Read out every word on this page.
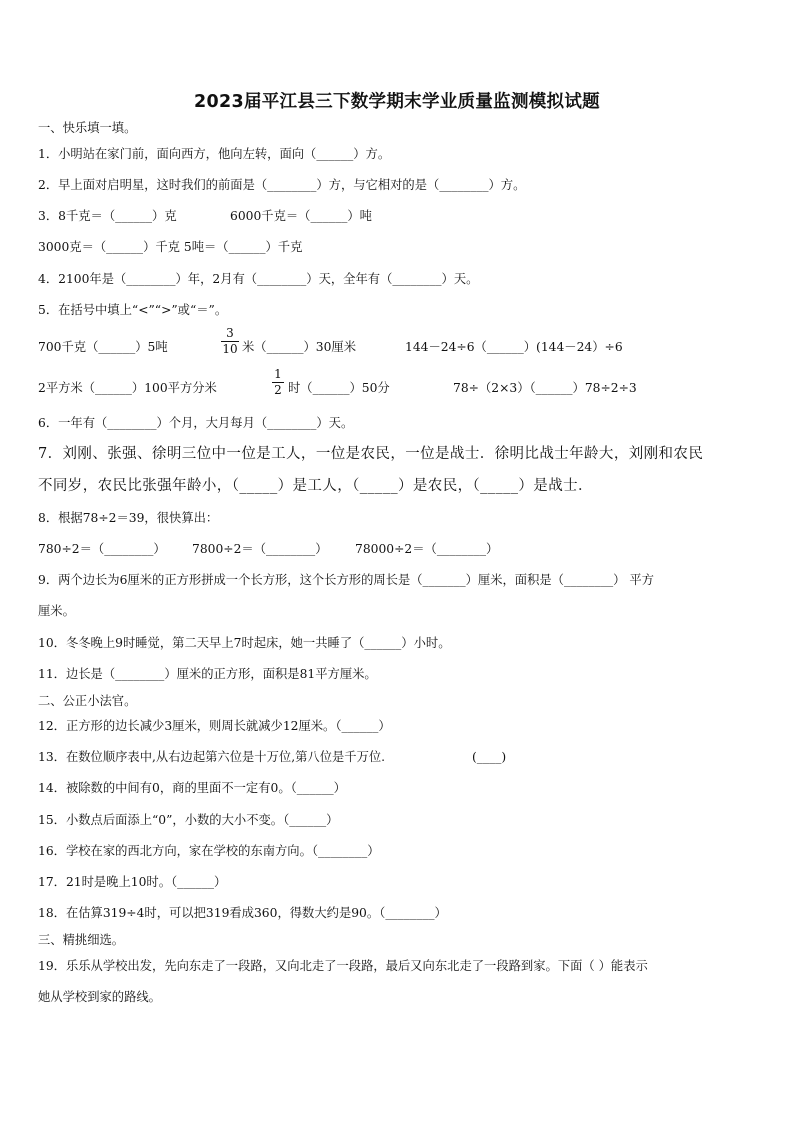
2023届平江县三下数学期末学业质量监测模拟试题
一、快乐填一填。
1．小明站在家门前，面向西方，他向左转，面向（______）方。
2．早上面对启明星，这时我们的前面是（________）方，与它相对的是（________）方。
3．8千克＝（______）克	6000千克＝（______）吨
3000克＝（______）千克 5吨＝（______）千克
4．2100年是（________）年，2月有（________）天，全年有（________）天。
5．在括号中填上“<”“>”或“＝”。
700千克（______）5吨
3
10 米（______）30厘米	144－24÷6（______）(144－24）÷6
2平方米（______）100平方分米
1
2 时（______）50分	78÷（2×3）（______）78÷2÷3
6．一年有（________）个月，大月每月（________）天。
7．刘刚、张强、徐明三位中一位是工人，一位是农民，一位是战士．徐明比战士年龄大，刘刚和农民
不同岁，农民比张强年龄小，（_____）是工人，（_____）是农民，（_____）是战士．
8．根据78÷2＝39，很快算出：
780÷2＝（________） 7800÷2＝（________） 78000÷2＝（________）
9．两个边长为6厘米的正方形拼成一个长方形，这个长方形的周长是（_______）厘米，面积是（________） 平方
厘米。
10．冬冬晚上9时睡觉，第二天早上7时起床，她一共睡了（______）小时。
11．边长是（________）厘米的正方形，面积是81平方厘米。
二、公正小法官。
12．正方形的边长减少3厘米，则周长就减少12厘米。（______）
13．在数位顺序表中,从右边起第六位是十万位,第八位是千万位.	(____)
14．被除数的中间有0，商的里面不一定有0。（______）
15．小数点后面添上“0”，小数的大小不变。（______）
16．学校在家的西北方向，家在学校的东南方向。（________）
17．21时是晚上10时。（______）
18．在估算319÷4时，可以把319看成360，得数大约是90。（________）
三、精挑细选。
19．乐乐从学校出发，先向东走了一段路，又向北走了一段路，最后又向东北走了一段路到家。下面（ ）能表示
她从学校到家的路线。
